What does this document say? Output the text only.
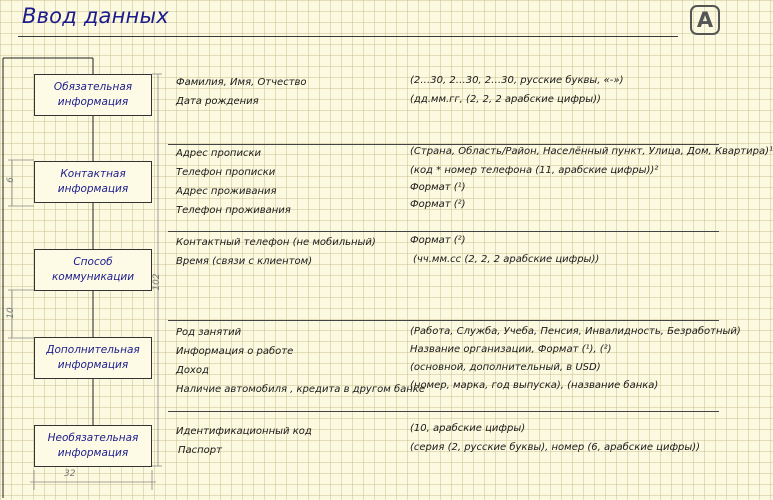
Ввод данных	A
Обязательная
информация
Контактная
информация
Способ коммуникации
Дополнительная
информация
Необязательная
информация
6
10
102
32
Фамилия, Имя, Отчество
Дата рождения
(2…30, 2…30, 2…30, русские буквы, «-»)
(дд.мм.гг, (2, 2, 2 арабские цифры))
Адрес прописки
Телефон прописки
Адрес проживания
Телефон проживания
(Страна, Область/Район, Населённый пункт, Улица, Дом, Квартира)¹
(код * номер телефона (11, арабские цифры))²
Формат (¹)
Формат (²)
Контактный телефон (не мобильный)
Время (связи с клиентом)
Формат (²)
(чч.мм.сс (2, 2, 2 арабские цифры))
Род занятий
Информация о работе
Доход
Наличие автомобиля , кредита в другом банке
(Работа, Служба, Учеба, Пенсия, Инвалидность, Безработный)
Название организации, Формат (¹), (²)
(основной, дополнительный, в USD)
(номер, марка, год выпуска), (название банка)
Идентификационный код
Паспорт
(10, арабские цифры)
(серия (2, русские буквы), номер (6, арабские цифры))
